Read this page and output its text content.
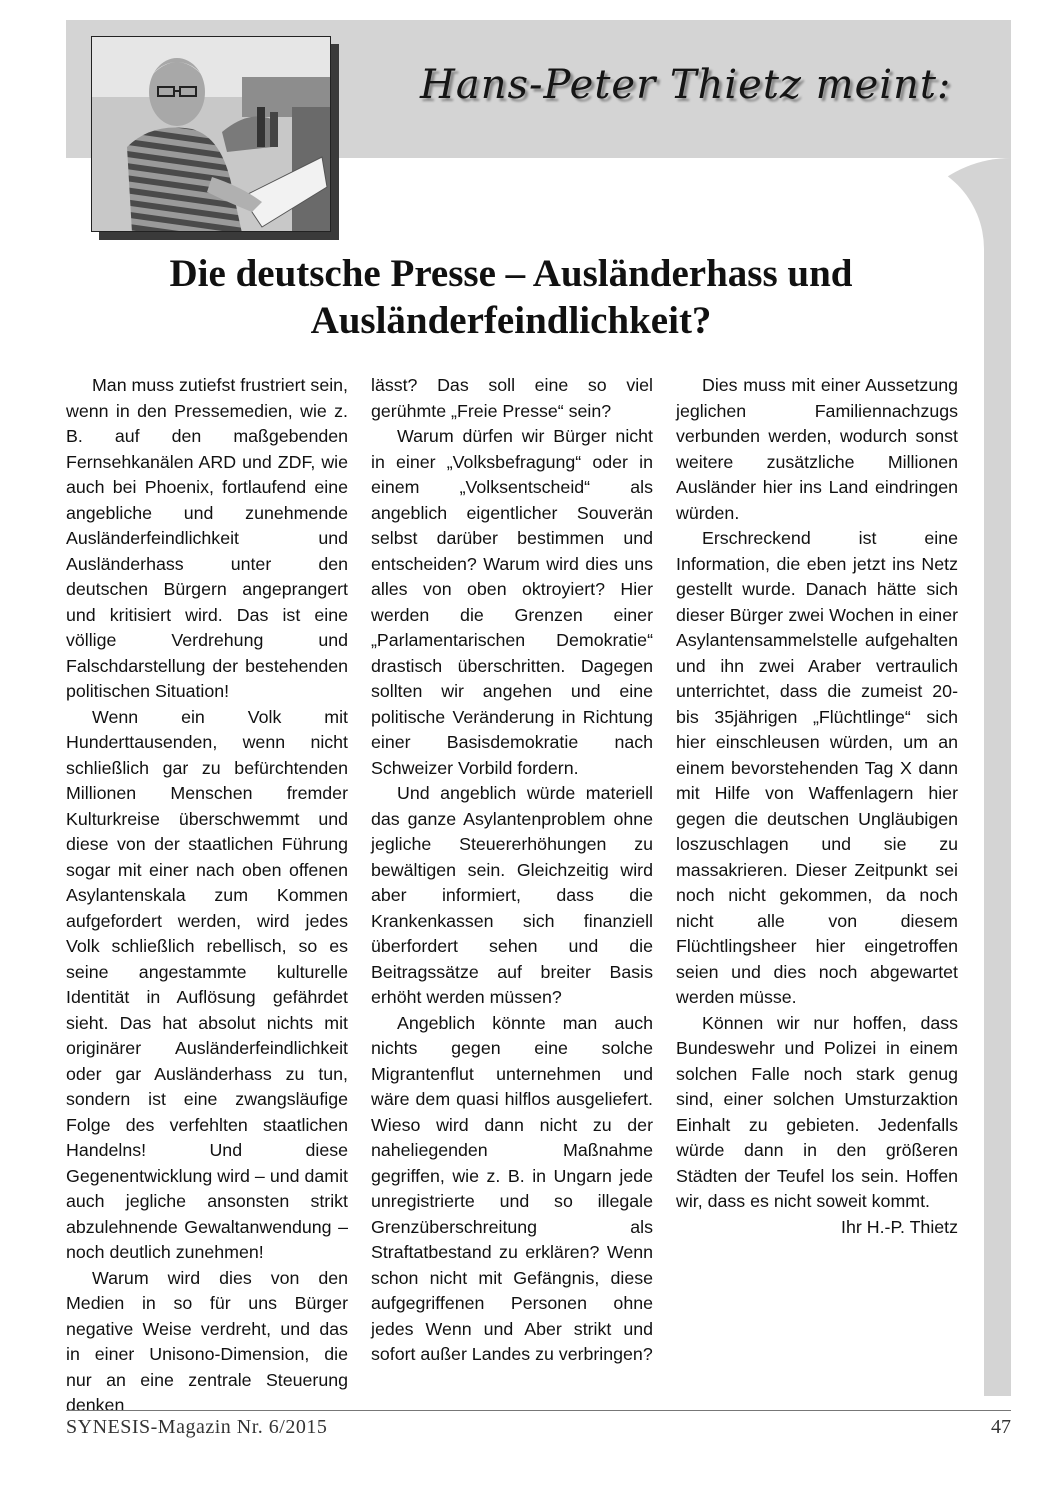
Hans-Peter Thietz meint:
Die deutsche Presse – Ausländerhass und
Ausländerfeindlichkeit?

Man muss zutiefst frustriert sein, wenn in den Pressemedien, wie z. B. auf den maßgebenden Fernsehkanälen ARD und ZDF, wie auch bei Phoenix, fortlaufend eine angebliche und zunehmende Ausländerfeindlichkeit und Ausländerhass unter den deutschen Bürgern angeprangert und kritisiert wird. Das ist eine völlige Verdrehung und Falschdarstellung der bestehenden politischen Situation!

Wenn ein Volk mit Hunderttausenden, wenn nicht schließlich gar zu befürchtenden Millionen Menschen fremder Kulturkreise überschwemmt und diese von der staatlichen Führung sogar mit einer nach oben offenen Asylantenskala zum Kommen aufgefordert werden, wird jedes Volk schließlich rebellisch, so es seine angestammte kulturelle Identität in Auflösung gefährdet sieht. Das hat absolut nichts mit originärer Ausländerfeindlichkeit oder gar Ausländerhass zu tun, sondern ist eine zwangsläufige Folge des verfehlten staatlichen Handelns! Und diese Gegenentwicklung wird – und damit auch jegliche ansonsten strikt abzulehnende Gewaltanwendung – noch deutlich zunehmen!

Warum wird dies von den Medien in so für uns Bürger negative Weise verdreht, und das in einer Unisono-Dimension, die nur an eine zentrale Steuerung denken

lässt? Das soll eine so viel gerühmte „Freie Presse“ sein?

Warum dürfen wir Bürger nicht in einer „Volksbefragung“ oder in einem „Volksentscheid“ als angeblich eigentlicher Souverän selbst darüber bestimmen und entscheiden? Warum wird dies uns alles von oben oktroyiert? Hier werden die Grenzen einer „Parlamentarischen Demokratie“ drastisch überschritten. Dagegen sollten wir angehen und eine politische Veränderung in Richtung einer Basisdemokratie nach Schweizer Vorbild fordern.

Und angeblich würde materiell das ganze Asylantenproblem ohne jegliche Steuererhöhungen zu bewältigen sein. Gleichzeitig wird aber informiert, dass die Krankenkassen sich finanziell überfordert sehen und die Beitragssätze auf breiter Basis erhöht werden müssen?

Angeblich könnte man auch nichts gegen eine solche Migrantenflut unternehmen und wäre dem quasi hilflos ausgeliefert. Wieso wird dann nicht zu der naheliegenden Maßnahme gegriffen, wie z. B. in Ungarn jede unregistrierte und so illegale Grenzüberschreitung als Straftatbestand zu erklären? Wenn schon nicht mit Gefängnis, diese aufgegriffenen Personen ohne jedes Wenn und Aber strikt und sofort außer Landes zu verbringen?

Dies muss mit einer Aussetzung jeglichen Familiennachzugs verbunden werden, wodurch sonst weitere zusätzliche Millionen Ausländer hier ins Land eindringen würden.

Erschreckend ist eine Information, die eben jetzt ins Netz gestellt wurde. Danach hätte sich dieser Bürger zwei Wochen in einer Asylantensammelstelle aufgehalten und ihn zwei Araber vertraulich unterrichtet, dass die zumeist 20- bis 35jährigen „Flüchtlinge“ sich hier einschleusen würden, um an einem bevorstehenden Tag X dann mit Hilfe von Waffenlagern hier gegen die deutschen Ungläubigen loszuschlagen und sie zu massakrieren. Dieser Zeitpunkt sei noch nicht gekommen, da noch nicht alle von diesem Flüchtlingsheer hier eingetroffen seien und dies noch abgewartet werden müsse.

Können wir nur hoffen, dass Bundeswehr und Polizei in einem solchen Falle noch stark genug sind, einer solchen Umsturzaktion Einhalt zu gebieten. Jedenfalls würde dann in den größeren Städten der Teufel los sein. Hoffen wir, dass es nicht soweit kommt.

Ihr H.-P. Thietz

SYNESIS-Magazin Nr. 6/2015	47
